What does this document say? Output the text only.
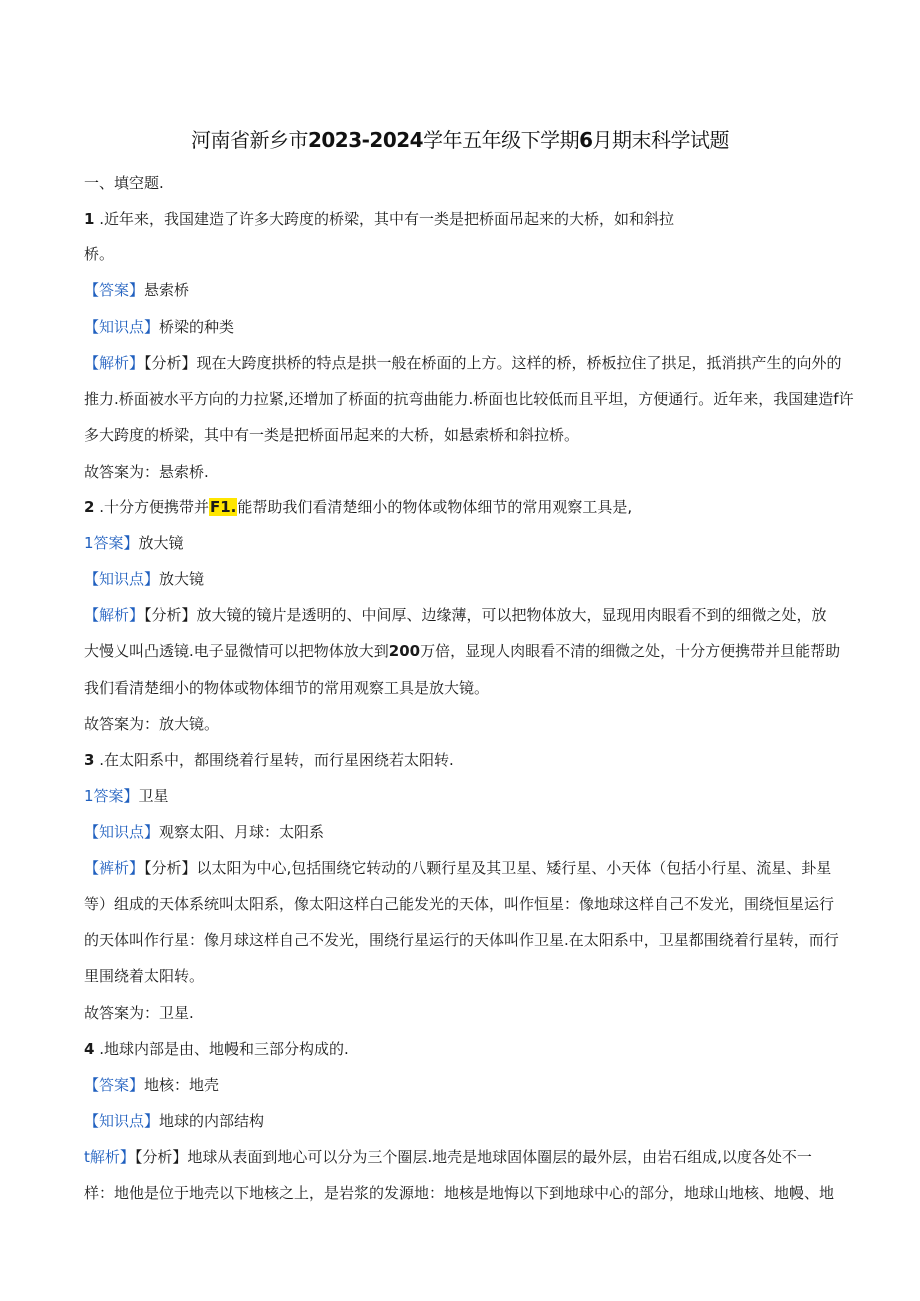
河南省新乡市2023-2024学年五年级下学期6月期末科学试题
一、填空题.
1 .近年来，我国建造了许多大跨度的桥梁，其中有一类是把桥面吊起来的大桥，如和斜拉
桥。
【答案】悬索桥
【知识点】桥梁的种类
【解析】【分析】现在大跨度拱桥的特点是拱一般在桥面的上方。这样的桥，桥板拉住了拱足，抵消拱产生的向外的
推力.桥面被水平方向的力拉紧,还增加了桥面的抗弯曲能力.桥面也比较低而且平坦，方便通行。近年来，我国建造f许
多大跨度的桥梁，其中有一类是把桥面吊起来的大桥，如悬索桥和斜拉桥。
故答案为：悬索桥.
2 .十分方便携带并F1.能帮助我们看清楚细小的物体或物体细节的常用观察工具是,
1答案】放大镜
【知识点】放大镜
【解析】【分析】放大镜的镜片是透明的、中间厚、边缘薄，可以把物体放大，显现用肉眼看不到的细微之处，放
大慢乂叫凸透镜.电子显微情可以把物体放大到200万倍，显现人肉眼看不清的细微之处，十分方便携带并旦能帮助
我们看清楚细小的物体或物体细节的常用观察工具是放大镜。
故答案为：放大镜。
3 .在太阳系中，都围绕着行星转，而行星困绕若太阳转.
1答案】卫星
【知识点】观察太阳、月球：太阳系
【裤析】【分析】以太阳为中心,包括围绕它转动的八颗行星及其卫星、矮行星、小天体（包括小行星、流星、卦星
等）组成的天体系统叫太阳系，像太阳这样白己能发光的天体，叫作恒星：像地球这样自己不发光，围绕恒星运行
的天体叫作行星：像月球这样自己不发光，围绕行星运行的天体叫作卫星.在太阳系中，卫星都围绕着行星转，而行
里围绕着太阳转。
故答案为：卫星.
4 .地球内部是由、地幔和三部分构成的.
【答案】地核：地壳
【知识点】地球的内部结构
t解析】【分析】地球从表面到地心可以分为三个圈层.地壳是地球固体圈层的最外层，由岩石组成,以度各处不一
样：地他是位于地壳以下地核之上，是岩浆的发源地：地核是地悔以下到地球中心的部分，地球山地核、地幔、地
